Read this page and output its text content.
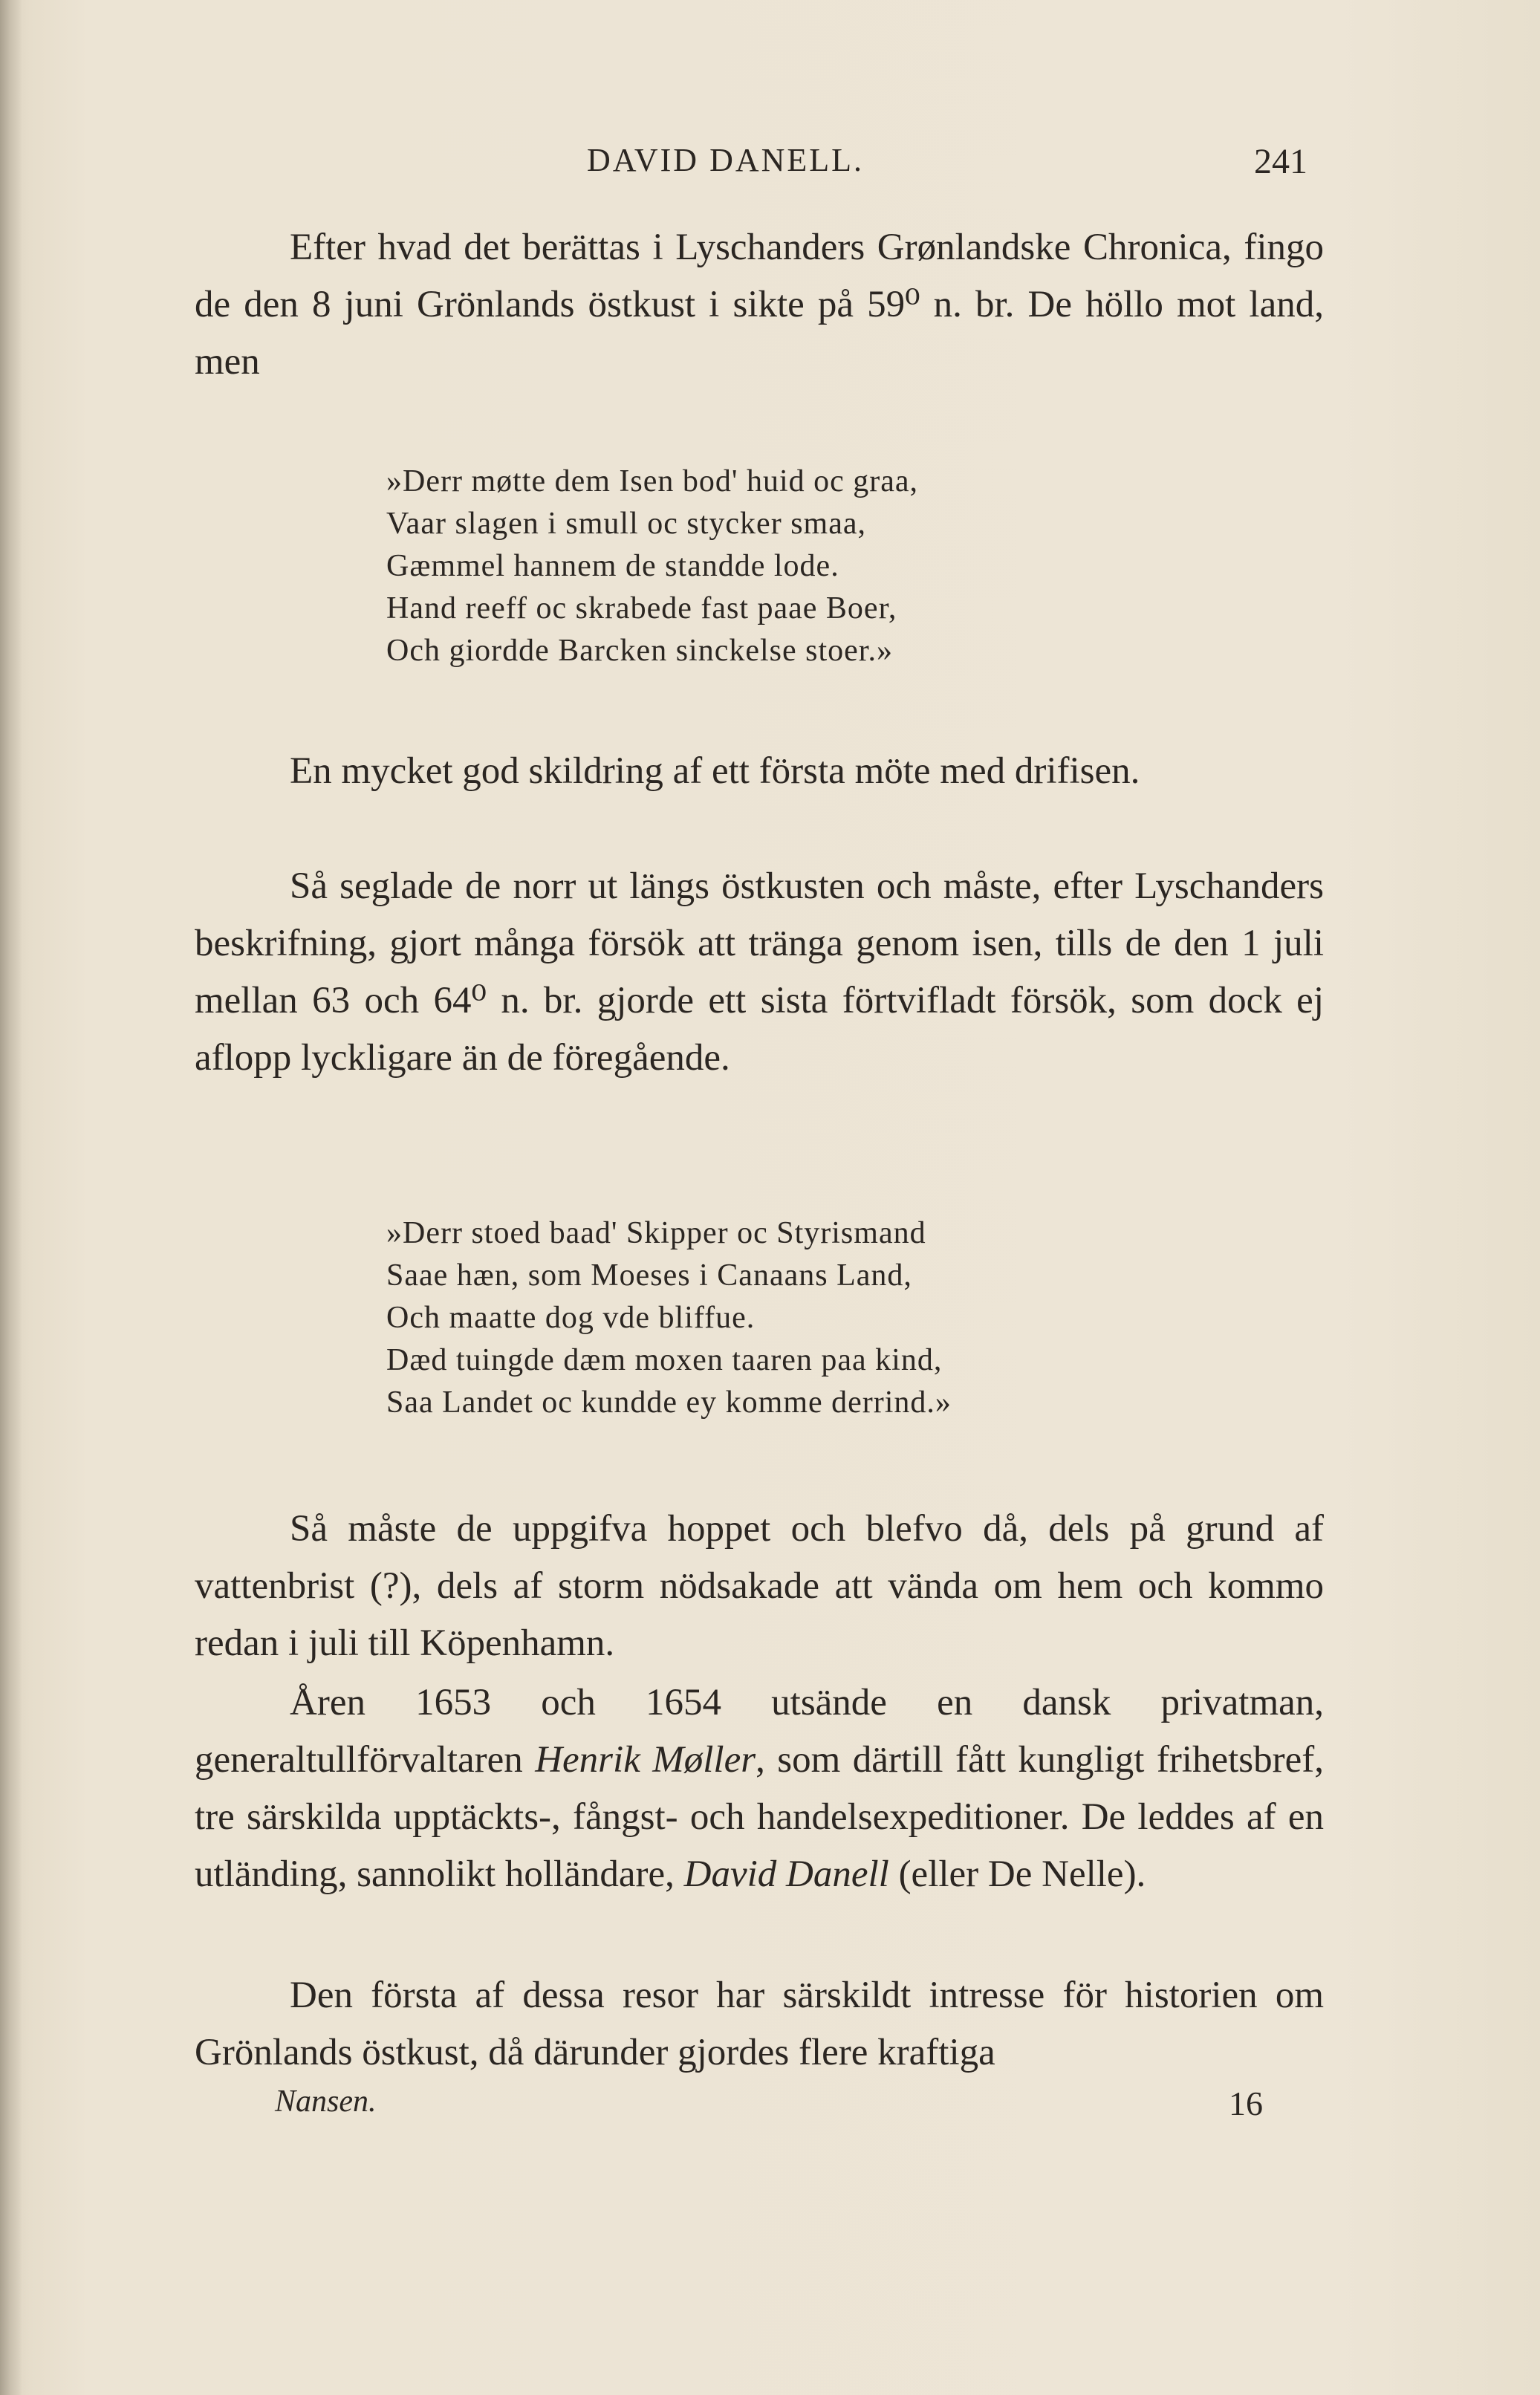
DAVID DANELL.	241

Efter hvad det berättas i Lyschanders Grønlandske Chronica, fingo de den 8 juni Grönlands östkust i sikte på 59⁰ n. br. De höllo mot land, men

»Derr møtte dem Isen bod' huid oc graa,
Vaar slagen i smull oc stycker smaa,
Gæmmel hannem de standde lode.
Hand reeff oc skrabede fast paae Boer,
Och giordde Barcken sinckelse stoer.»

En mycket god skildring af ett första möte med drifisen.

Så seglade de norr ut längs östkusten och måste, efter Lyschanders beskrifning, gjort många försök att tränga genom isen, tills de den 1 juli mellan 63 och 64⁰ n. br. gjorde ett sista förtvifladt försök, som dock ej aflopp lyckligare än de föregående.

»Derr stoed baad' Skipper oc Styrismand
Saae hæn, som Moeses i Canaans Land,
Och maatte dog vde bliffue.
Dæd tuingde dæm moxen taaren paa kind,
Saa Landet oc kundde ey komme derrind.»

Så måste de uppgifva hoppet och blefvo då, dels på grund af vattenbrist (?), dels af storm nödsakade att vända om hem och kommo redan i juli till Köpenhamn.

Åren 1653 och 1654 utsände en dansk privatman, generaltullförvaltaren Henrik Møller, som därtill fått kungligt frihetsbref, tre särskilda upptäckts-, fångst- och handelsexpeditioner. De leddes af en utländing, sannolikt holländare, David Danell (eller De Nelle).

Den första af dessa resor har särskildt intresse för historien om Grönlands östkust, då därunder gjordes flere kraftiga

Nansen.	16
